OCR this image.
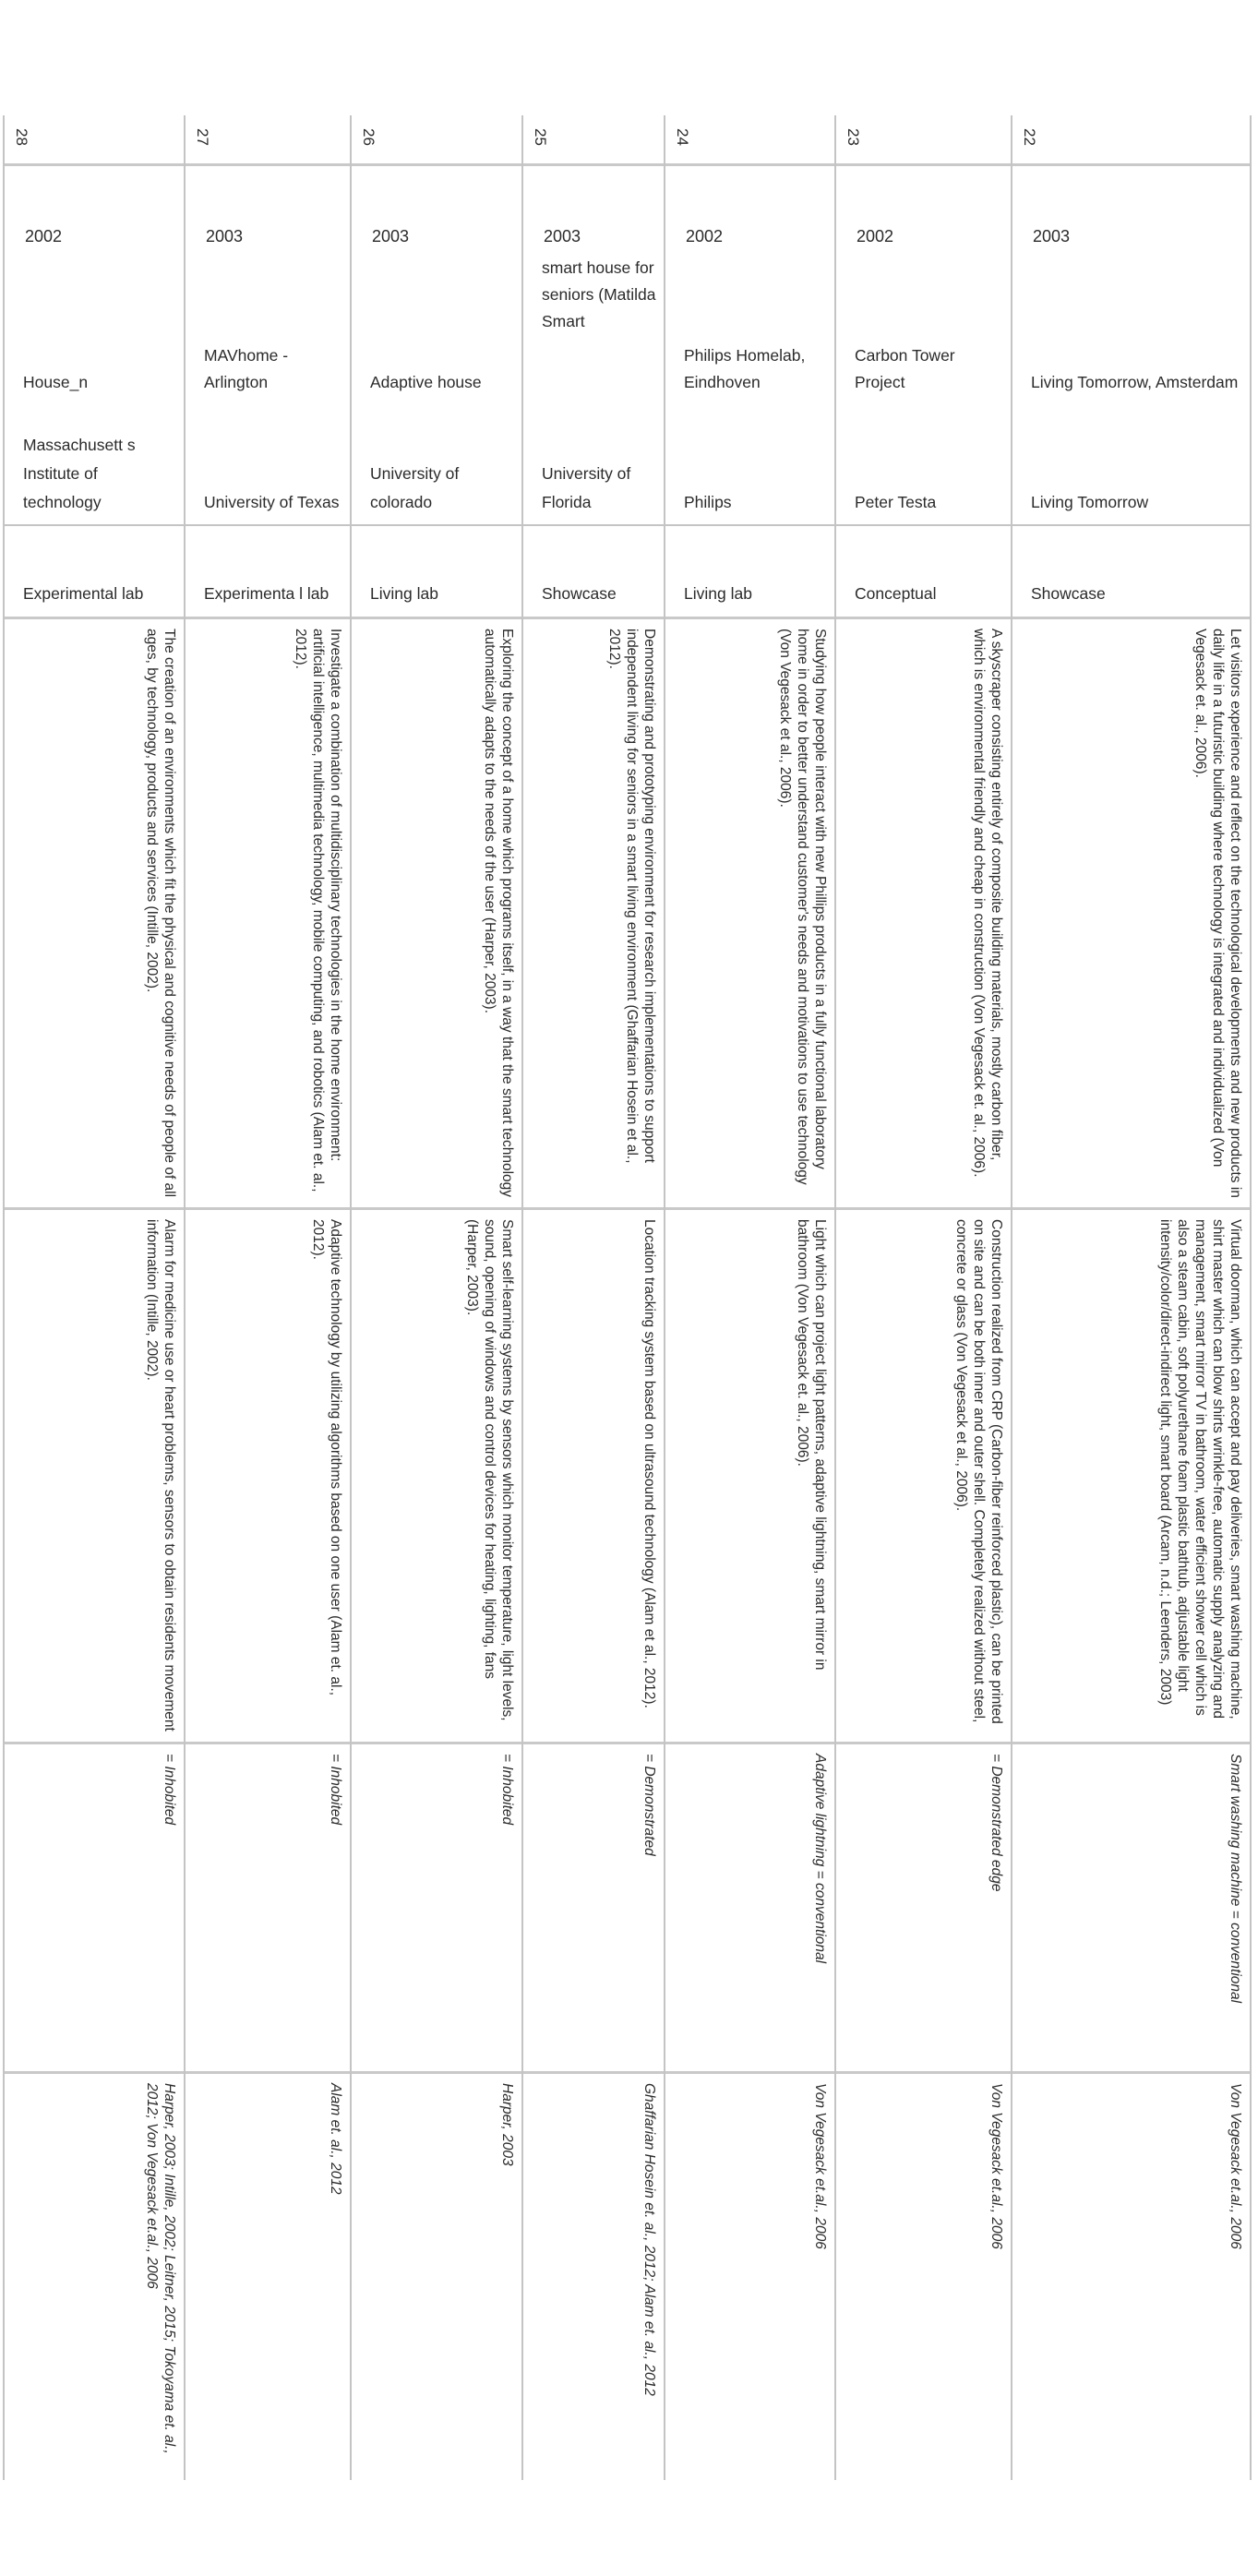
28
2002
House_n
Massachusett s Institute of technology
Experimental lab
The creation of an environments which fit the physical and cognitive needs of people of all ages, by technology, products and services (Intille, 2002).
Alarm for medicine use or heart problems, sensors to obtain residents movement information (Intille, 2002).
= Inhobited
Harper, 2003; Intille, 2002; Leitner, 2015; Tokoyama et. al., 2012; Von Vegesack et.al., 2006
27
2003
MAVhome - Arlington
University of Texas
Experimenta l lab
Investigate a combination of multidisciplinary technologies in the home environment: artificial intelligence, multimedia technology, mobile computing, and robotics (Alam et. al., 2012).
Adaptive technology by utilizing algorithms based on one user (Alam et. al., 2012).
= Inhobited
Alam et. al., 2012
26
2003
Adaptive house
University of colorado
Living lab
Exploring the concept of a home which programs itself, in a way that the smart technology automatically adapts to the needs of the user (Harper, 2003).
Smart self-learning systems by sensors which monitor temperature, light levels, sound, opening of windows and control devices for heating, lighting, fans (Harper, 2003).
= Inhobited
Harper, 2003
25
2003
smart house for seniors (Matilda Smart
University of Florida
Showcase
Demonstrating and prototyping environment for research implementations to support independent living for seniors in a smart living environment (Ghaffarian Hosein et al., 2012).
Location tracking system based on ultrasound technology (Alam et al., 2012).
= Demonstrated
Ghaffarian Hosein et. al., 2012; Alam et. al., 2012
24
2002
Philips Homelab, Eindhoven
Philips
Living lab
Studying how people interact with new Phillips products in a fully functional laboratory home in order to better understand customer's needs and motivations to use technology (Von Vegesack et al., 2006).
Light which can project light patterns, adaptive lightning, smart mirror in bathroom (Von Vegesack et. al., 2006).
Adaptive lightning = conventional
Von Vegesack et.al., 2006
23
2002
Carbon Tower Project
Peter Testa
Conceptual
A skyscraper consisting entirely of composite building materials, mostly carbon fiber, which is environmental friendly and cheap in construction (Von Vegesack et. al., 2006).
Construction realized from CRP (Carbon-fiber reinforced plastic), can be printed on site and can be both inner and outer shell. Completely realized without steel, concrete or glass (Von Vegesack et al., 2006).
= Demonstrated edge
Von Vegesack et.al., 2006
22
2003
Living Tomorrow, Amsterdam
Living Tomorrow
Showcase
Let visitors experience and reflect on the technological developments and new products in daily life in a futuristic building where technology is integrated and individualized (Von Vegesack et. al., 2006).
Virtual doorman, which can accept and pay deliveries, smart washing machine, shirt master which can blow shirts wrinkle-free, automatic supply analyzing and management, smart mirror TV in bathroom, water efficient shower cell which is also a steam cabin, soft polyurethane foam plastic bathtub, adjustable light intensity/color/direct-indirect light, smart board (Arcam, n.d.; Leenders, 2003)
Smart washing machine = conventional
Von Vegesack et.al., 2006
